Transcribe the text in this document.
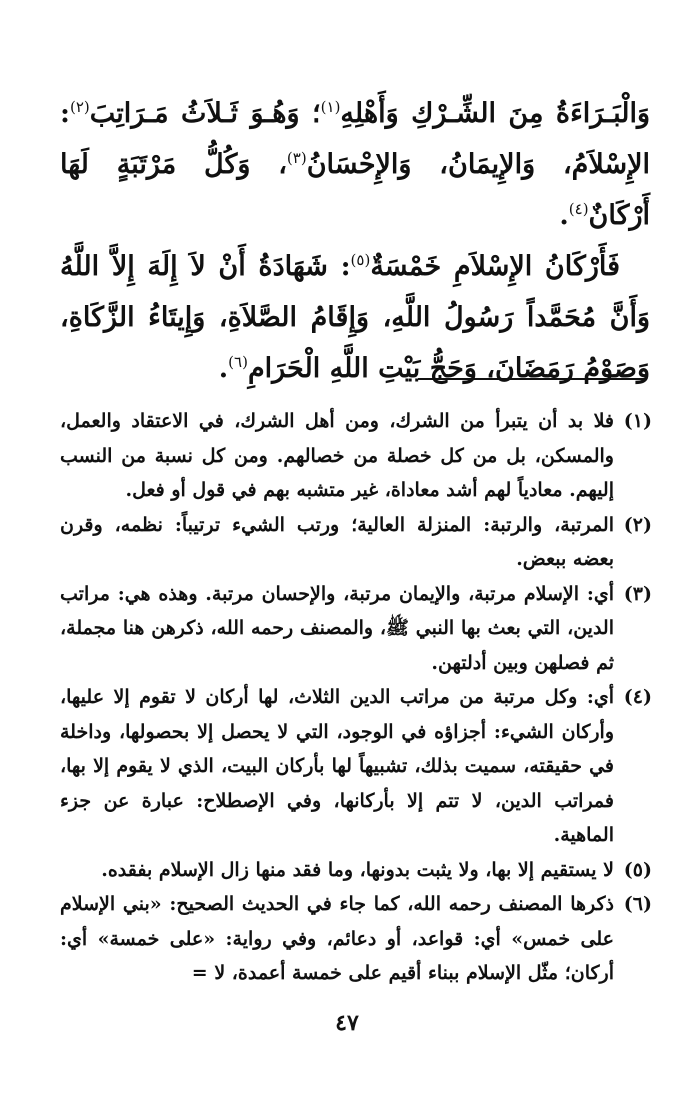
وَالْبَـرَاءَةُ مِنَ الشِّـرْكِ وَأَهْلِهِ$^{(١)}$؛ وَهُـوَ ثَـلاَثُ مَـرَاتِبَ$^{(٢)}$: الإِسْلاَمُ، وَالإِيمَانُ، وَالإِحْسَانُ$^{(٣)}$، وَكُلُّ مَرْتَبَةٍ لَهَا أَرْكَانٌ$^{(٤)}$.

فَأَرْكَانُ الإِسْلاَمِ خَمْسَةٌ$^{(٥)}$: شَهَادَةُ أَنْ لاَ إِلَهَ إِلاَّ اللَّهُ وَأَنَّ مُحَمَّداً رَسُولُ اللَّهِ، وَإِقَامُ الصَّلاَةِ، وَإِيتَاءُ الزَّكَاةِ، وَصَوْمُ رَمَضَانَ، وَحَجُّ بَيْتِ اللَّهِ الْحَرَامِ$^{(٦)}$.

(١)
فلا بد أن يتبرأ من الشرك، ومن أهل الشرك، في الاعتقاد والعمل، والمسكن، بل من كل خصلة من خصالهم. ومن كل نسبة من النسب إليهم. معادياً لهم أشد معاداة، غير متشبه بهم في قول أو فعل.
(٢)
المرتبة، والرتبة: المنزلة العالية؛ ورتب الشيء ترتيباً: نظمه، وقرن بعضه ببعض.
(٣)
أي: الإسلام مرتبة، والإيمان مرتبة، والإحسان مرتبة. وهذه هي: مراتب الدين، التي بعث بها النبي ﷺ، والمصنف رحمه الله، ذكرهن هنا مجملة، ثم فصلهن وبين أدلتهن.
(٤)
أي: وكل مرتبة من مراتب الدين الثلاث، لها أركان لا تقوم إلا عليها، وأركان الشيء: أجزاؤه في الوجود، التي لا يحصل إلا بحصولها، وداخلة في حقيقته، سميت بذلك، تشبيهاً لها بأركان البيت، الذي لا يقوم إلا بها، فمراتب الدين، لا تتم إلا بأركانها، وفي الإصطلاح: عبارة عن جزء الماهية.
(٥)
لا يستقيم إلا بها، ولا يثبت بدونها، وما فقد منها زال الإسلام بفقده.
(٦)
ذكرها المصنف رحمه الله، كما جاء في الحديث الصحيح: «بني الإسلام على خمس» أي: قواعد، أو دعائم، وفي رواية: «على خمسة» أي: أركان؛ مثّل الإسلام ببناء أقيم على خمسة أعمدة، لا =
٤٧
